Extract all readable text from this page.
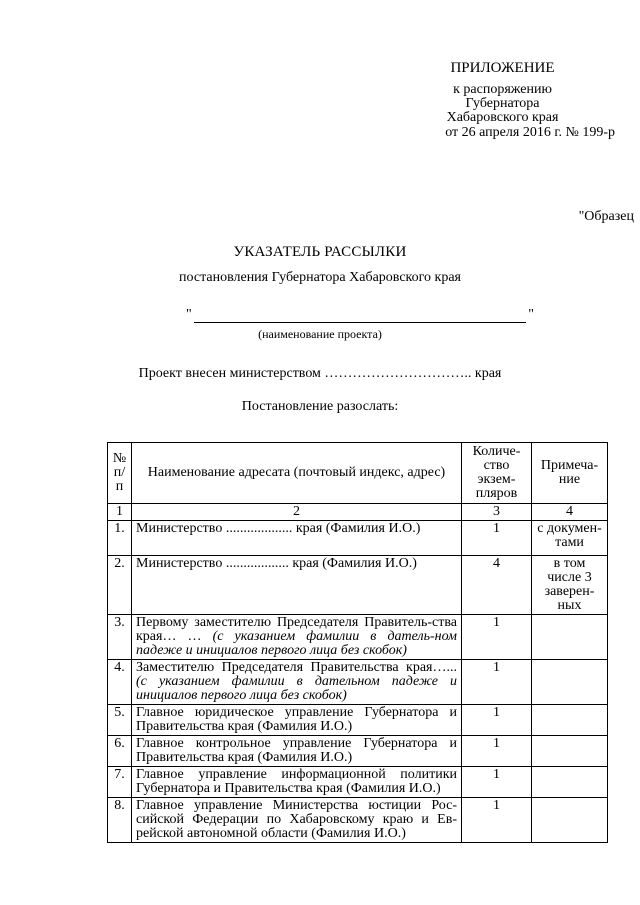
ПРИЛОЖЕНИЕ
к распоряжению
Губернатора
Хабаровского края
от 26 апреля 2016 г. № 199-р
"Образец
УКАЗАТЕЛЬ РАССЫЛКИ
постановления Губернатора Хабаровского края
"	"
(наименование проекта)
Проект внесен министерством ………………………….. края
Постановление разослать:
№ п/п	Наименование адресата (почтовый индекс, адрес)	Количе-ство экзем-пляров	Примеча-ние
1	2	3	4
1.	Министерство ................... края (Фамилия И.О.)	1	с докумен-тами
2.	Министерство .................. края (Фамилия И.О.)	4	в том числе 3 заверен-ных
3.	Первому заместителю Председателя Правитель-ства края… … (с указанием фамилии в датель-ном падеже и инициалов первого лица без скобок)	1	
4.	Заместителю Председателя Правительства края…... (с указанием фамилии в дательном падеже и инициалов первого лица без скобок)	1	
5.	Главное юридическое управление Губернатора и Правительства края (Фамилия И.О.)	1	
6.	Главное контрольное управление Губернатора и Правительства края (Фамилия И.О.)	1	
7.	Главное управление информационной политики Губернатора и Правительства края (Фамилия И.О.)	1	
8.	Главное управление Министерства юстиции Рос-сийской Федерации по Хабаровскому краю и Ев-рейской автономной области (Фамилия И.О.)	1	
